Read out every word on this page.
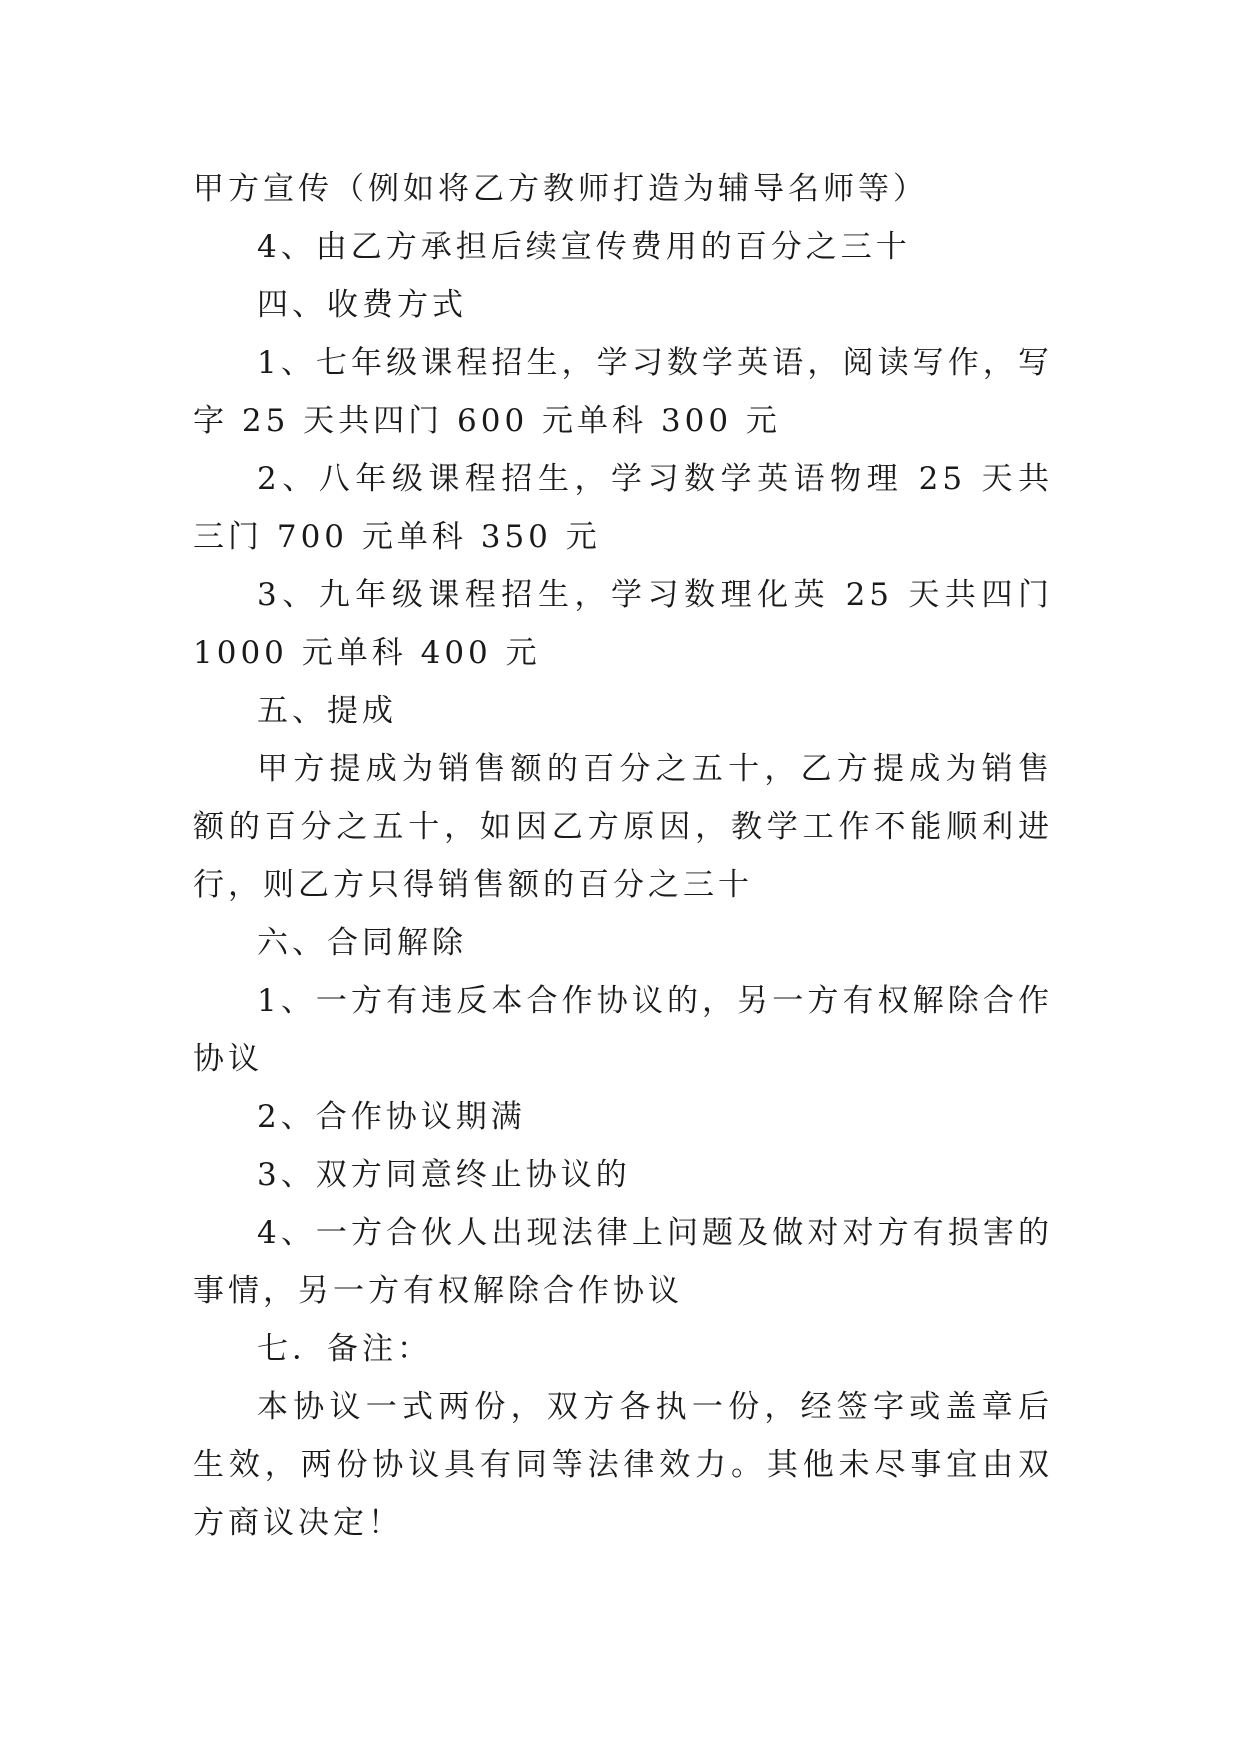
甲方宣传（例如将乙方教师打造为辅导名师等）

4、由乙方承担后续宣传费用的百分之三十

四、收费方式

1、七年级课程招生，学习数学英语，阅读写作，写字 25 天共四门 600 元单科 300 元

2、八年级课程招生，学习数学英语物理 25 天共三门 700 元单科 350 元

3、九年级课程招生，学习数理化英 25 天共四门 1000 元单科 400 元

五、提成

甲方提成为销售额的百分之五十，乙方提成为销售额的百分之五十，如因乙方原因，教学工作不能顺利进行，则乙方只得销售额的百分之三十

六、合同解除

1、一方有违反本合作协议的，另一方有权解除合作协议

2、合作协议期满

3、双方同意终止协议的

4、一方合伙人出现法律上问题及做对对方有损害的事情，另一方有权解除合作协议

七．备注：

本协议一式两份，双方各执一份，经签字或盖章后生效，两份协议具有同等法律效力。其他未尽事宜由双方商议决定！
